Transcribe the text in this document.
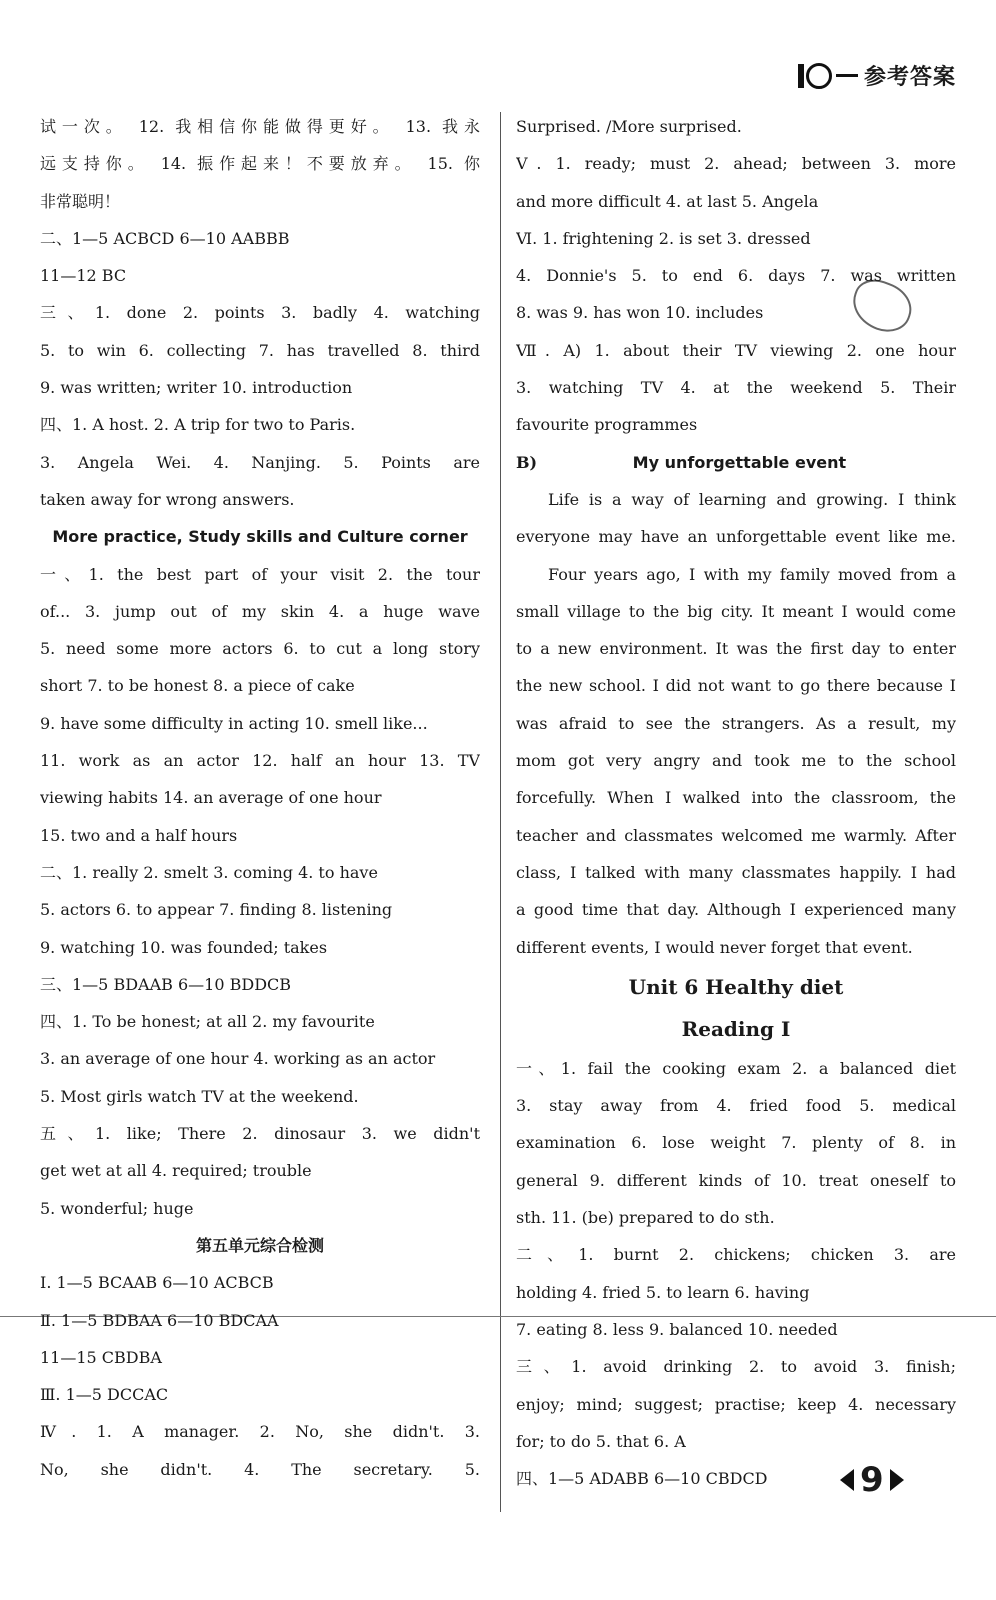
参考答案
试一次。 12. 我相信你能做得更好。 13. 我永
远支持你。 14. 振作起来！不要放弃。 15. 你
非常聪明！
二、1—5 ACBCD 6—10 AABBB
11—12 BC
三、1. done 2. points 3. badly 4. watching
5. to win 6. collecting 7. has travelled 8. third
9. was written; writer 10. introduction
四、1. A host. 2. A trip for two to Paris.
3. Angela Wei. 4. Nanjing. 5. Points are
taken away for wrong answers.
More practice, Study skills and Culture corner
一、1. the best part of your visit 2. the tour
of... 3. jump out of my skin 4. a huge wave
5. need some more actors 6. to cut a long story
short 7. to be honest 8. a piece of cake
9. have some difficulty in acting 10. smell like...
11. work as an actor 12. half an hour 13. TV
viewing habits 14. an average of one hour
15. two and a half hours
二、1. really 2. smelt 3. coming 4. to have
5. actors 6. to appear 7. finding 8. listening
9. watching 10. was founded; takes
三、1—5 BDAAB 6—10 BDDCB
四、1. To be honest; at all 2. my favourite
3. an average of one hour 4. working as an actor
5. Most girls watch TV at the weekend.
五、1. like; There 2. dinosaur 3. we didn't
get wet at all 4. required; trouble
5. wonderful; huge
第五单元综合检测
Ⅰ. 1—5 BCAAB 6—10 ACBCB
Ⅱ. 1—5 BDBAA 6—10 BDCAA
11—15 CBDBA
Ⅲ. 1—5 DCCAC
Ⅳ. 1. A manager. 2. No, she didn't. 3.
No, she didn't. 4. The secretary. 5.
Surprised. /More surprised.
Ⅴ. 1. ready; must 2. ahead; between 3. more
and more difficult 4. at last 5. Angela
Ⅵ. 1. frightening 2. is set 3. dressed
4. Donnie's 5. to end 6. days 7. was written
8. was 9. has won 10. includes
Ⅶ. A) 1. about their TV viewing 2. one hour
3. watching TV 4. at the weekend 5. Their
favourite programmes
B)	My unforgettable event
Life is a way of learning and growing. I think
everyone may have an unforgettable event like me.
Four years ago, I with my family moved from a
small village to the big city. It meant I would come
to a new environment. It was the first day to enter
the new school. I did not want to go there because I
was afraid to see the strangers. As a result, my
mom got very angry and took me to the school
forcefully. When I walked into the classroom, the
teacher and classmates welcomed me warmly. After
class, I talked with many classmates happily. I had
a good time that day. Although I experienced many
different events, I would never forget that event.
Unit 6 Healthy diet
Reading Ⅰ
一、1. fail the cooking exam 2. a balanced diet
3. stay away from 4. fried food 5. medical
examination 6. lose weight 7. plenty of 8. in
general 9. different kinds of 10. treat oneself to
sth. 11. (be) prepared to do sth.
二、1. burnt 2. chickens; chicken 3. are
holding 4. fried 5. to learn 6. having
7. eating 8. less 9. balanced 10. needed
三、1. avoid drinking 2. to avoid 3. finish;
enjoy; mind; suggest; practise; keep 4. necessary
for; to do 5. that 6. A
四、1—5 ADABB 6—10 CBDCD	9
